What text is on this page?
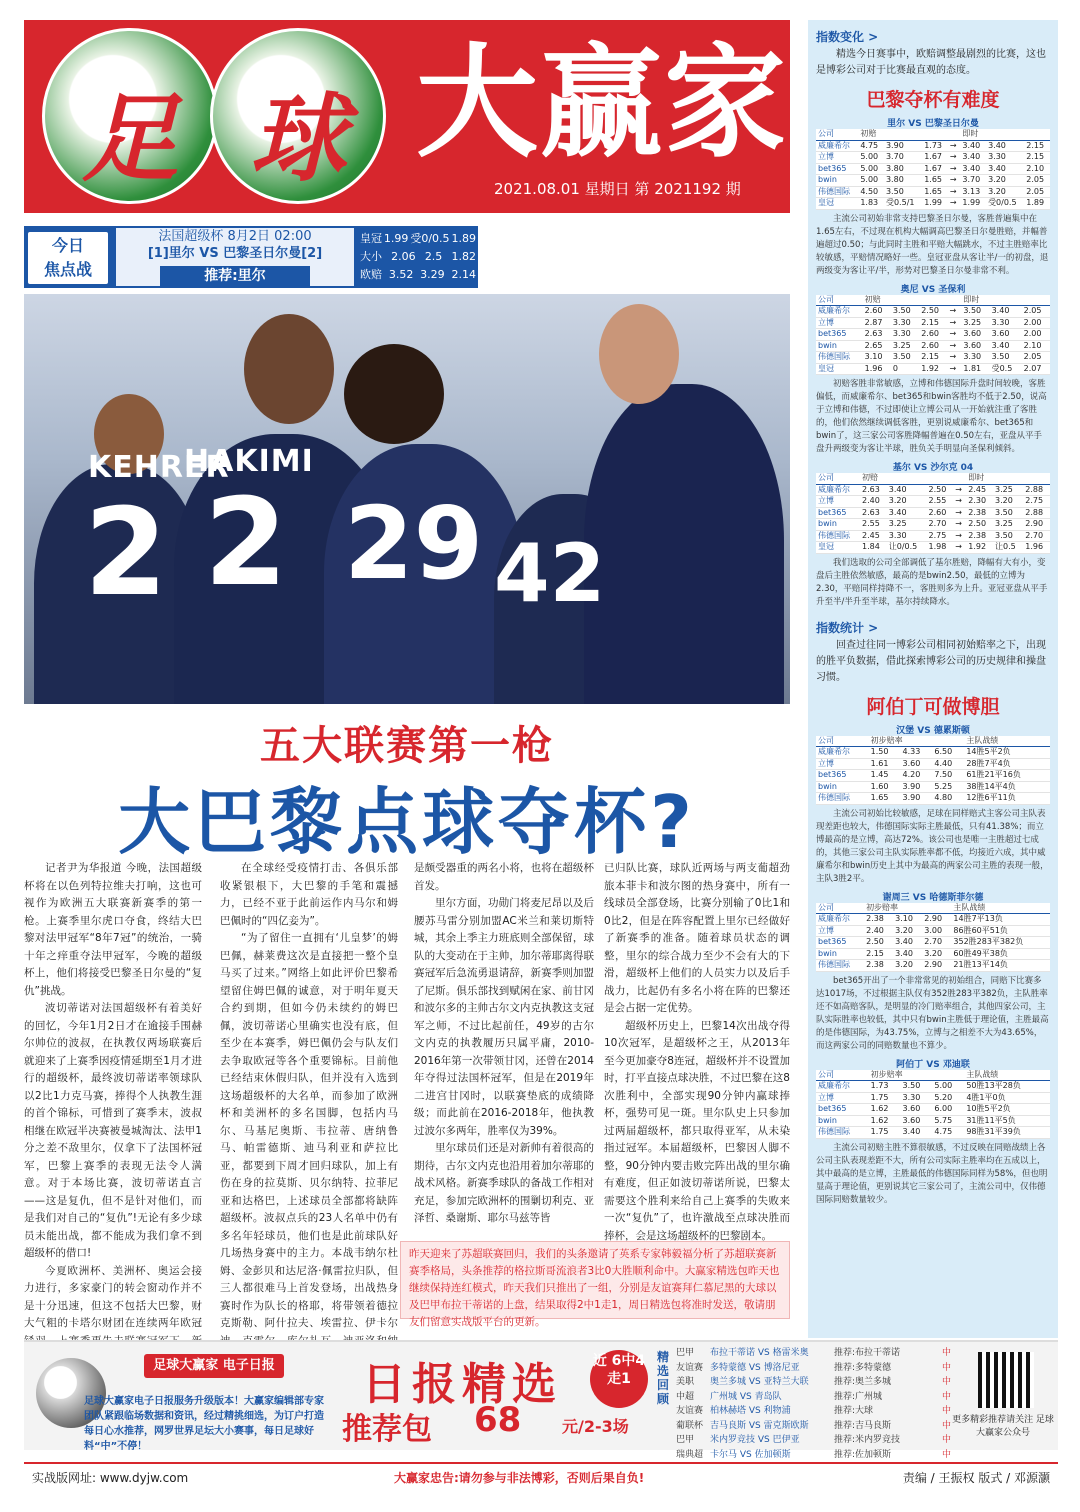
足 球 大赢家
2021.08.01 星期日 第 2021192 期
今日
焦点战
法国超级杯 8月2日 02:00
[1]里尔 VS 巴黎圣日尔曼[2]
推荐:里尔
皇冠 1.99 受0/0.5 1.89
大小 2.06 2.5 1.82
欧赔 3.52 3.29 2.14
KEHRER
HAKIMI
2 2 29 42
五大联赛第一枪
大巴黎点球夺杯?

记者尹为华报道 今晚，法国超级杯将在以色列特拉维夫打响，这也可视作为欧洲五大联赛新赛季的第一枪。上赛季里尔虎口夺食，终结大巴黎对法甲冠军“8年7冠”的统治，一骑十年之痒重夺法甲冠军，今晚的超级杯上，他们将接受巴黎圣日尔曼的“复仇”挑战。

波切蒂诺对法国超级杯有着美好的回忆，今年1月2日才在逾接手围赫尔帅位的波叔，在执教仅两场联赛后就迎来了上赛季因疫情延期至1月才进行的超级杯，最终波切蒂诺率领球队以2比1力克马赛，捧得个人执教生涯的首个锦标，可惜到了赛季末，波叔相继在欧冠半决赛被曼城淘汰、法甲1分之差不敌里尔，仅拿下了法国杯冠军，巴黎上赛季的表现无法令人满意。对于本场比赛，波切蒂诺直言——这是复仇，但不是针对他们，而是我们对自己的“复仇”!无论有多少球员未能出战，都不能成为我们拿不到超级杯的借口!

今夏欧洲杯、美洲杯、奥运会接力进行，多家豪门的转会窗动作并不是十分迅速，但这不包括大巴黎，财大气粗的卡塔尔财团在连续两年欧冠

在全球经受疫情打击、各俱乐部收紧银根下，大巴黎的手笔和震撼力，已经不亚于此前运作内马尔和姆巴佩时的“四亿妾为”。

“为了留住一直拥有‘儿皇梦’的姆巴佩，赫莱费这次是直接把一整个皇马买了过来。”网络上如此评价巴黎希望留住姆巴佩的诚意，对于明年夏天合约到期，但如今仍未续约的姆巴佩，波切蒂诺心里确实也没有底，但至少在本赛季，姆巴佩仍会与队友们去争取欧冠等各个重要锦标。目前他已经结束休假归队，但并没有入选到这场超级杯的大名单，而参加了欧洲杯和美洲杯的多名国脚，包括内马尔、马基尼奥斯、韦拉蒂、唐纳鲁马、帕雷德斯、迪马利亚和萨拉比亚，都要到下周才回归球队，加上有伤在身的拉莫斯、贝尔纳特、拉菲尼亚和达格巴，上述球员全部都将缺阵超级杯。波叔点兵的23人名单中仍有多名年轻球员，他们也是此前球队好几场热身赛中的主力。本战韦纳尔杜姆、金彭贝和达尼洛·佩雷拉归队，但三人都很难马上首发登场，出战热身赛时作为队长的格耶，将带领着德拉克斯勒、阿什拉夫、埃雷拉、伊卡尔

是颇受器重的两名小将，也将在超级杯首发。

里尔方面，功勋门将麦尼昂以及后腰苏马雷分别加盟AC米兰和莱切斯特城，其余上季主力班底则全部保留，球队的大变动在于主帅，加尔蒂耶离得联赛冠军后急流勇退请辞，新赛季则加盟了尼斯。俱乐部找到赋闲在家、前甘冈和波尔多的主帅古尔文内克执教这支冠军之师，不过比起前任，49岁的古尔文内克的执教履历只属平庸，2010-2016年第一次带领甘冈，还曾在2014年夺得过法国杯冠军，但是在2019年二进宫甘冈时，以联赛垫底的成绩降级；而此前在2016-2018年，他执教过波尔多两年，胜率仅为39%。

里尔球员们还是对新帅有着很高的期待，古尔文内克也沿用着加尔蒂耶的战术风格。新赛季球队的备战工作相对充足，参加完欧洲杯的围剿切利克、亚泽哲、桑谢斯、耶尔马兹等皆

已归队比赛，球队近两场与两支葡超劲旅本菲卡和波尔图的热身赛中，所有一线球员全部登场，比赛分别输了0比1和0比2，但是在阵容配置上里尔已经做好了新赛季的准备。随着球员状态的调整，里尔的综合战力至少不会有大的下滑，超级杯上他们的人员实力以及后手战力，比起仍有多名小将在阵的巴黎还是会占据一定优势。

超级杯历史上，巴黎14次出战夺得10次冠军，是超级杯之王，从2013年至今更加豪夺8连冠，超级杯并不设置加时，打平直接点球决胜，不过巴黎在这8次胜利中，全部实现90分钟内赢球捧杯，强势可见一斑。里尔队史上只参加过两届超级杯，都只取得亚军，从未染指过冠军。本届超级杯，巴黎因人脚不整，90分钟内要击败完阵出战的里尔确有难度，但正如波切蒂诺所说，巴黎太需要这个胜利来给自己上赛季的失败来一次“复仇”了，也许激战至点球决胜而捧杯，会是这场超级杯的巴黎剧本。

昨天迎来了苏超联赛回归，我们的头条邀请了英系专家韩毅福分析了苏超联赛新赛季格局，头条推荐的格拉斯哥流浪者3比0大胜顺利命中。大赢家精选包昨天也继续保持连红模式，昨天我们只推出了一组，分别是友谊赛拜仁慕尼黑的大球以及巴甲布拉干蒂诺的上盘，结果取得2中1走1，周日精选包将准时发送，敬请朋友们留意实战版平台的更新。
指数变化 >
精选今日赛事中，欧赔调整最剧烈的比赛，这也是博彩公司对于比赛最直观的态度。
巴黎夺杯有难度
里尔 VS 巴黎圣日尔曼
公司	初赔				即时		
威廉希尔	4.75	3.90	1.73	→	3.40	3.40	2.15
立博	5.00	3.70	1.67	→	3.40	3.30	2.15
bet365	5.00	3.80	1.67	→	3.40	3.40	2.10
bwin	5.00	3.80	1.65	→	3.70	3.20	2.05
伟德国际	4.50	3.50	1.65	→	3.13	3.20	2.05
皇冠	1.83	受0.5/1	1.99	→	1.99	受0/0.5	1.89
主流公司初始非常支持巴黎圣日尔曼，客胜普遍集中在1.65左右，不过现在机构大幅调高巴黎圣日尔曼胜赔，并幅普遍超过0.50；与此同时主胜和平赔大幅跳水，不过主胜赔率比较敏感，平赔情况略好一些。皇冠亚盘从客让半/一的初盘，退两级变为客让平/半，形势对巴黎圣日尔曼非常不利。
奥尼 VS 圣保利
公司	初赔				即时		
威廉希尔	2.60	3.50	2.50	→	3.50	3.40	2.05
立博	2.87	3.30	2.15	→	3.25	3.30	2.00
bet365	2.63	3.30	2.60	→	3.60	3.60	2.00
bwin	2.65	3.25	2.60	→	3.60	3.40	2.10
伟德国际	3.10	3.50	2.15	→	3.30	3.50	2.05
皇冠	1.96	0	1.92	→	1.81	受0.5	2.07
初赔客胜非常敏感，立博和伟德国际升盘时间较晚，客胜偏低，而威廉希尔、bet365和bwin客胜均不低于2.50，说高于立博和伟德，不过即使让立博公司从一开始就注重了客胜的，他们依然继续调低客胜，更别说威廉希尔、bet365和bwin了，这三家公司客胜降幅普遍在0.50左右，亚盘从平手盘升两级变为客让半球，胜负关手明显向圣保利倾斜。
基尔 VS 沙尔克 04
公司	初赔				即时		
威廉希尔	2.63	3.40	2.50	→	2.45	3.25	2.88
立博	2.40	3.20	2.55	→	2.30	3.20	2.75
bet365	2.63	3.40	2.60	→	2.38	3.50	2.88
bwin	2.55	3.25	2.70	→	2.50	3.25	2.90
伟德国际	2.45	3.30	2.75	→	2.38	3.50	2.70
皇冠	1.84	让0/0.5	1.98	→	1.92	让0.5	1.96
我们选取的公司全部调低了基尔胜赔，降幅有大有小，变盘后主胜依然敏感，最高的是bwin2.50，最低的立博为2.30，平赔同样持降不一，客胜则多为上升。亚冠亚盘从平手升至半/半升至半球，基尔持续降水。
指数统计 >
回查过往同一博彩公司相同初始赔率之下，出现的胜平负数据，借此探索博彩公司的历史规律和操盘习惯。
阿伯丁可做博胆
汉堡 VS 德累斯顿
公司	初步赔率			主队战绩
威廉希尔	1.50	4.33	6.50	14胜5平2负
立博	1.61	3.60	4.40	28胜7平4负
bet365	1.45	4.20	7.50	61胜21平16负
bwin	1.60	3.90	5.25	38胜14平4负
伟德国际	1.65	3.90	4.80	12胜6平11负
主流公司初始比较敏感，足球在同样赔式主客公司主队表现差距也较大，伟德国际实际主胜最低，只有41.38%；而立博最高的是立博，高达72%。该公司也是唯一主胜超过七成的，其他三家公司主队实际胜率都不低，均接近六成，其中威廉希尔和bwin历史上其中为最高的两家公司主胜的表现一般，主队3胜2平。
谢周三 VS 哈德斯菲尔德
公司	初步赔率			主队战绩
威廉希尔	2.38	3.10	2.90	14胜7平13负
立博	2.40	3.20	3.00	86胜60平51负
bet365	2.50	3.40	2.70	352胜283平382负
bwin	2.15	3.40	3.20	60胜49平38负
伟德国际	2.38	3.20	2.90	21胜13平14负
bet365开出了一个非常常见的初始组合，同赔下比赛多达1017场，不过根据主队仅有352胜283平382负，主队胜率还不如高赔客队，是明显的冷门赔率组合，其他四家公司，主队实际胜率也较低，其中只有bwin主胜低于理论值，主胜最高的是伟德国际，为43.75%，立博与之相差不大为43.65%，而这两家公司的同赔数量也不算少。
阿伯丁 VS 邓迪联
公司	初步赔率			主队战绩
威廉希尔	1.73	3.50	5.00	50胜13平28负
立博	1.75	3.30	5.20	4胜1平0负
bet365	1.62	3.60	6.00	10胜5平2负
bwin	1.62	3.60	5.75	31胜11平5负
伟德国际	1.75	3.40	4.75	98胜31平39负
主流公司初赔主胜不算很敏感，不过反映在同赔战绩上各公司主队表现差距不大，所有公司实际主胜率均在五成以上，其中最高的是立博，主胜最低的伟德国际同样为58%，但也明显高于理论值，更别说其它三家公司了，主流公司中，仅伟德国际同赔数量较少。
足球大赢家 电子日报
足球大赢家电子日报服务升级版本！大赢家编辑部专家团队紧跟临场数据和资讯，经过精挑细选，为订户打造每日心水推荐，网罗世界足坛大小赛事，每日足球好料“中”不停！
日报精选
推荐包 68	元/2-3场
近 6中4 走1
精选回顾
巴甲	布拉干蒂诺 VS 格雷米奥	推荐:布拉干蒂诺	中
友谊赛 多特蒙德 VS 博洛尼亚	推荐:多特蒙德	中
美职	奥兰多城 VS 亚特兰大联	推荐:奥兰多城	中
中超	广州城 VS 青岛队	推荐:广州城	中
友谊赛 柏林赫塔 VS 利物浦	推荐:大球	中
葡联杯 吉马良斯 VS 雷克斯欧斯	推荐:吉马良斯	中
巴甲	米内罗竞技 VS 巴伊亚	推荐:米内罗竞技	中
瑞典超 卡尔马 VS 佐加顿斯	推荐:佐加顿斯	中
更多精彩推荐请关注 足球大赢家公众号
实战版网址: www.dyjw.com	大赢家忠告:请勿参与非法博彩，否则后果自负!	责编 / 王振权 版式 / 邓源灏
